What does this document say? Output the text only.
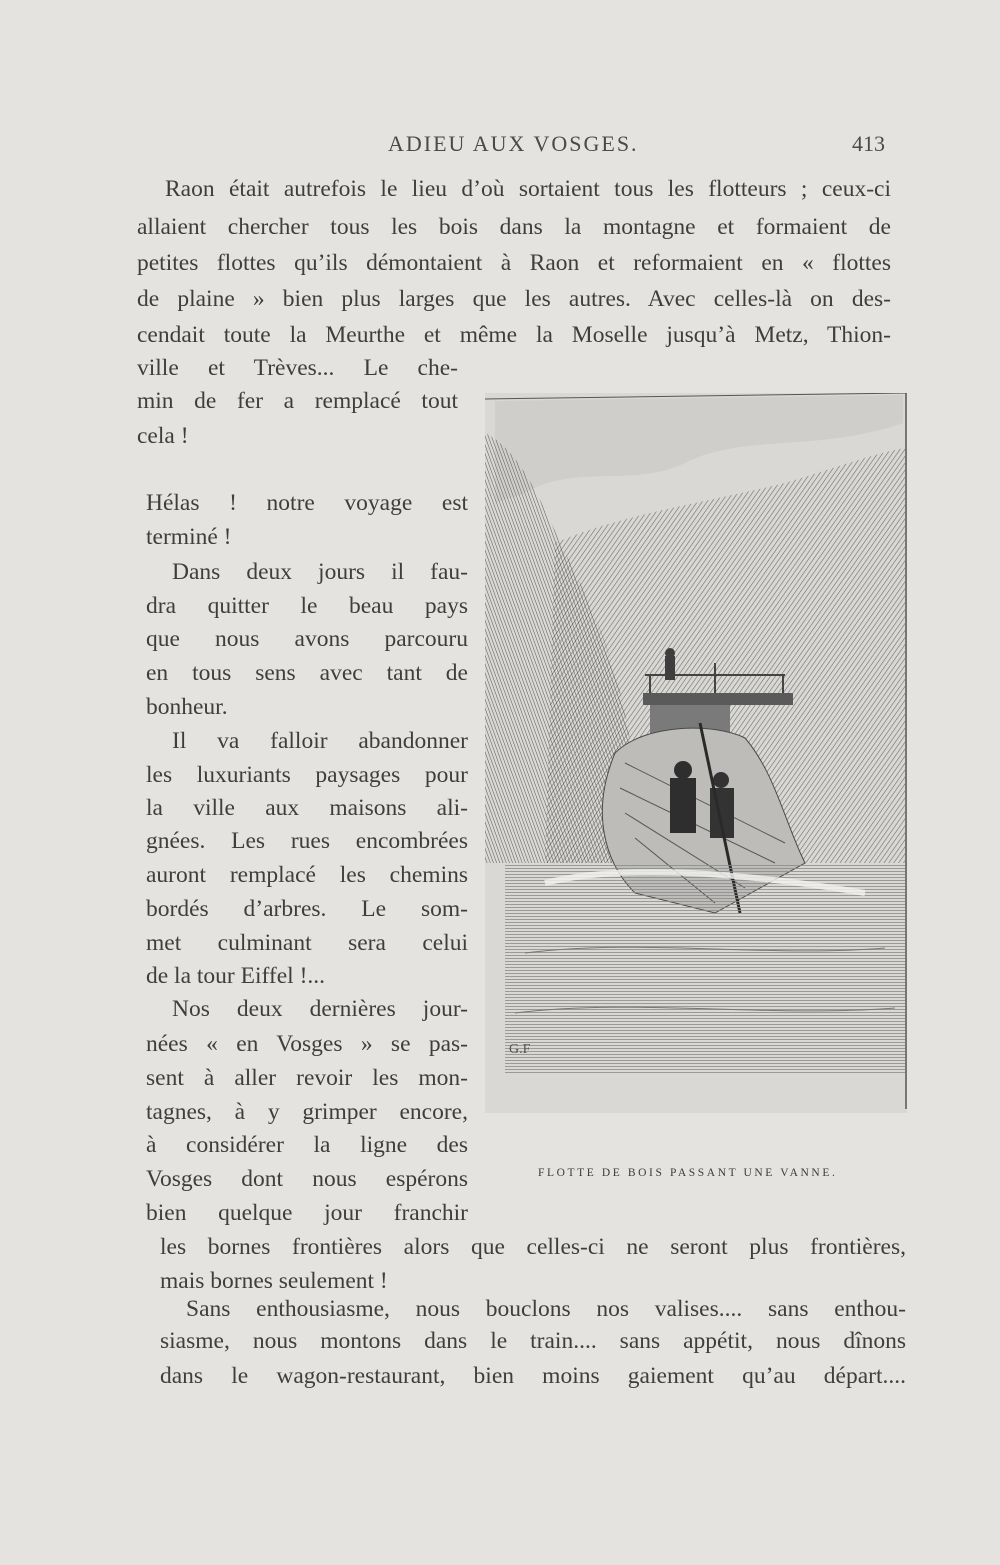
ADIEU AUX VOSGES.	413
Raon était autrefois le lieu d’où sortaient tous les flotteurs ; ceux-ci
allaient chercher tous les bois dans la montagne et formaient de
petites flottes qu’ils démontaient à Raon et reformaient en « flottes
de plaine » bien plus larges que les autres. Avec celles-là on des-
cendait toute la Meurthe et même la Moselle jusqu’à Metz, Thion-
ville et Trèves... Le che-
min de fer a remplacé tout
cela !
Hélas ! notre voyage est
terminé !
Dans deux jours il fau-
dra quitter le beau pays
que nous avons parcouru
en tous sens avec tant de
bonheur.
Il va falloir abandonner
les luxuriants paysages pour
la ville aux maisons ali-
gnées. Les rues encombrées
auront remplacé les chemins
bordés d’arbres. Le som-
met culminant sera celui
de la tour Eiffel !...
Nos deux dernières jour-
nées « en Vosges » se pas-
sent à aller revoir les mon-
tagnes, à y grimper encore,
à considérer la ligne des
Vosges dont nous espérons
bien quelque jour franchir
les bornes frontières alors que celles-ci ne seront plus frontières,
mais bornes seulement !
Sans enthousiasme, nous bouclons nos valises.... sans enthou-
siasme, nous montons dans le train.... sans appétit, nous dînons
dans le wagon-restaurant, bien moins gaiement qu’au départ....
G.F
FLOTTE DE BOIS PASSANT UNE VANNE.
